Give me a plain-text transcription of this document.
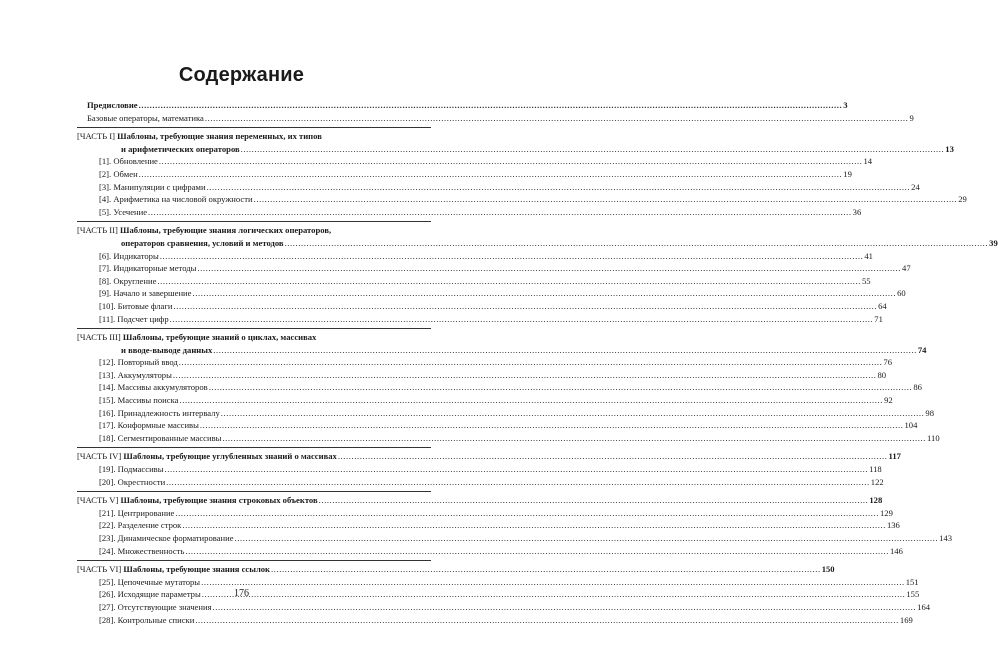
Содержание
Предисловие .....	3
Базовые операторы, математика .....	9
[ЧАСТЬ I] Шаблоны, требующие знания переменных, их типов
и арифметических операторов .....	13
[1]. Обновление .....	14
[2]. Обмен .....	19
[3]. Манипуляции с цифрами .....	24
[4]. Арифметика на числовой окружности .....	29
[5]. Усечение .....	36
[ЧАСТЬ II] Шаблоны, требующие знания логических операторов,
операторов сравнения, условий и методов .....	39
[6]. Индикаторы .....	41
[7]. Индикаторные методы .....	47
[8]. Округление .....	55
[9]. Начало и завершение .....	60
[10]. Битовые флаги .....	64
[11]. Подсчет цифр .....	71
[ЧАСТЬ III] Шаблоны, требующие знаний о циклах, массивах
и вводе-выводе данных .....	74
[12]. Повторный ввод .....	76
[13]. Аккумуляторы .....	80
[14]. Массивы аккумуляторов .....	86
[15]. Массивы поиска .....	92
[16]. Принадлежность интервалу .....	98
[17]. Конформные массивы .....	104
[18]. Сегментированные массивы .....	110
[ЧАСТЬ IV] Шаблоны, требующие углубленных знаний о массивах ........................................................................................................................................................................................................ 117
[19]. Подмассивы .....	118
[20]. Окрестности .....	122
[ЧАСТЬ V] Шаблоны, требующие знания строковых объектов ........................................................................................................................................................................................................ 128
[21]. Центрирование .....	129
[22]. Разделение строк .....	136
[23]. Динамическое форматирование .....	143
[24]. Множественность .....	146
[ЧАСТЬ VI] Шаблоны, требующие знания ссылок ........................................................................................................................................................................................................ 150
[25]. Цепочечные мутаторы .....	151
[26]. Исходящие параметры .....	155
[27]. Отсутствующие значения .....	164
[28]. Контрольные списки .....	169
176
